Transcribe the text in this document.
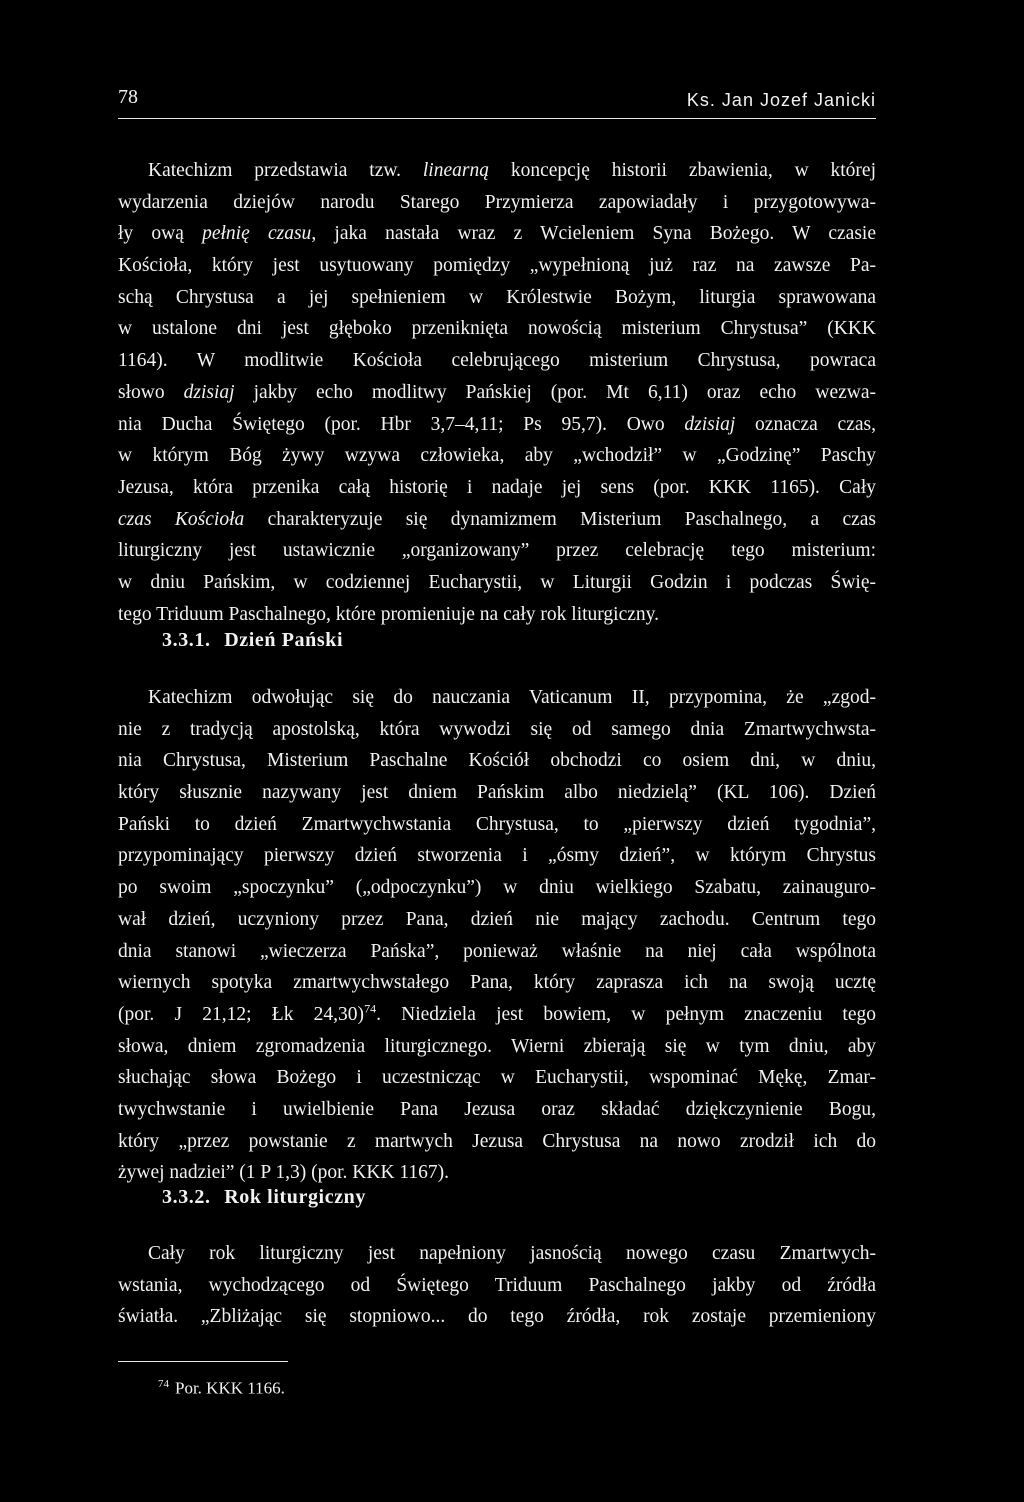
78	Ks. Jan Jozef Janicki
Katechizm przedstawia tzw. linearną koncepcję historii zbawienia, w której
wydarzenia dziejów narodu Starego Przymierza zapowiadały i przygotowywa-
ły ową pełnię czasu, jaka nastała wraz z Wcieleniem Syna Bożego. W czasie
Kościoła, który jest usytuowany pomiędzy „wypełnioną już raz na zawsze Pa-
schą Chrystusa a jej spełnieniem w Królestwie Bożym, liturgia sprawowana
w ustalone dni jest głęboko przeniknięta nowością misterium Chrystusa” (KKK
1164). W modlitwie Kościoła celebrującego misterium Chrystusa, powraca
słowo dzisiaj jakby echo modlitwy Pańskiej (por. Mt 6,11) oraz echo wezwa-
nia Ducha Świętego (por. Hbr 3,7–4,11; Ps 95,7). Owo dzisiaj oznacza czas,
w którym Bóg żywy wzywa człowieka, aby „wchodził” w „Godzinę” Paschy
Jezusa, która przenika całą historię i nadaje jej sens (por. KKK 1165). Cały
czas Kościoła charakteryzuje się dynamizmem Misterium Paschalnego, a czas
liturgiczny jest ustawicznie „organizowany” przez celebrację tego misterium:
w dniu Pańskim, w codziennej Eucharystii, w Liturgii Godzin i podczas Świę-
tego Triduum Paschalnego, które promieniuje na cały rok liturgiczny.
3.3.1. Dzień Pański
Katechizm odwołując się do nauczania Vaticanum II, przypomina, że „zgod-
nie z tradycją apostolską, która wywodzi się od samego dnia Zmartwychwsta-
nia Chrystusa, Misterium Paschalne Kościół obchodzi co osiem dni, w dniu,
który słusznie nazywany jest dniem Pańskim albo niedzielą” (KL 106). Dzień
Pański to dzień Zmartwychwstania Chrystusa, to „pierwszy dzień tygodnia”,
przypominający pierwszy dzień stworzenia i „ósmy dzień”, w którym Chrystus
po swoim „spoczynku” („odpoczynku”) w dniu wielkiego Szabatu, zainauguro-
wał dzień, uczyniony przez Pana, dzień nie mający zachodu. Centrum tego
dnia stanowi „wieczerza Pańska”, ponieważ właśnie na niej cała wspólnota
wiernych spotyka zmartwychwstałego Pana, który zaprasza ich na swoją ucztę
(por. J 21,12; Łk 24,30)$^{74}$. Niedziela jest bowiem, w pełnym znaczeniu tego
słowa, dniem zgromadzenia liturgicznego. Wierni zbierają się w tym dniu, aby
słuchając słowa Bożego i uczestnicząc w Eucharystii, wspominać Mękę, Zmar-
twychwstanie i uwielbienie Pana Jezusa oraz składać dziękczynienie Bogu,
który „przez powstanie z martwych Jezusa Chrystusa na nowo zrodził ich do
żywej nadziei” (1 P 1,3) (por. KKK 1167).
3.3.2. Rok liturgiczny
Cały rok liturgiczny jest napełniony jasnością nowego czasu Zmartwych-
wstania, wychodzącego od Świętego Triduum Paschalnego jakby od źródła
światła. „Zbliżając się stopniowo... do tego źródła, rok zostaje przemieniony
$^{74}$ Por. KKK 1166.
